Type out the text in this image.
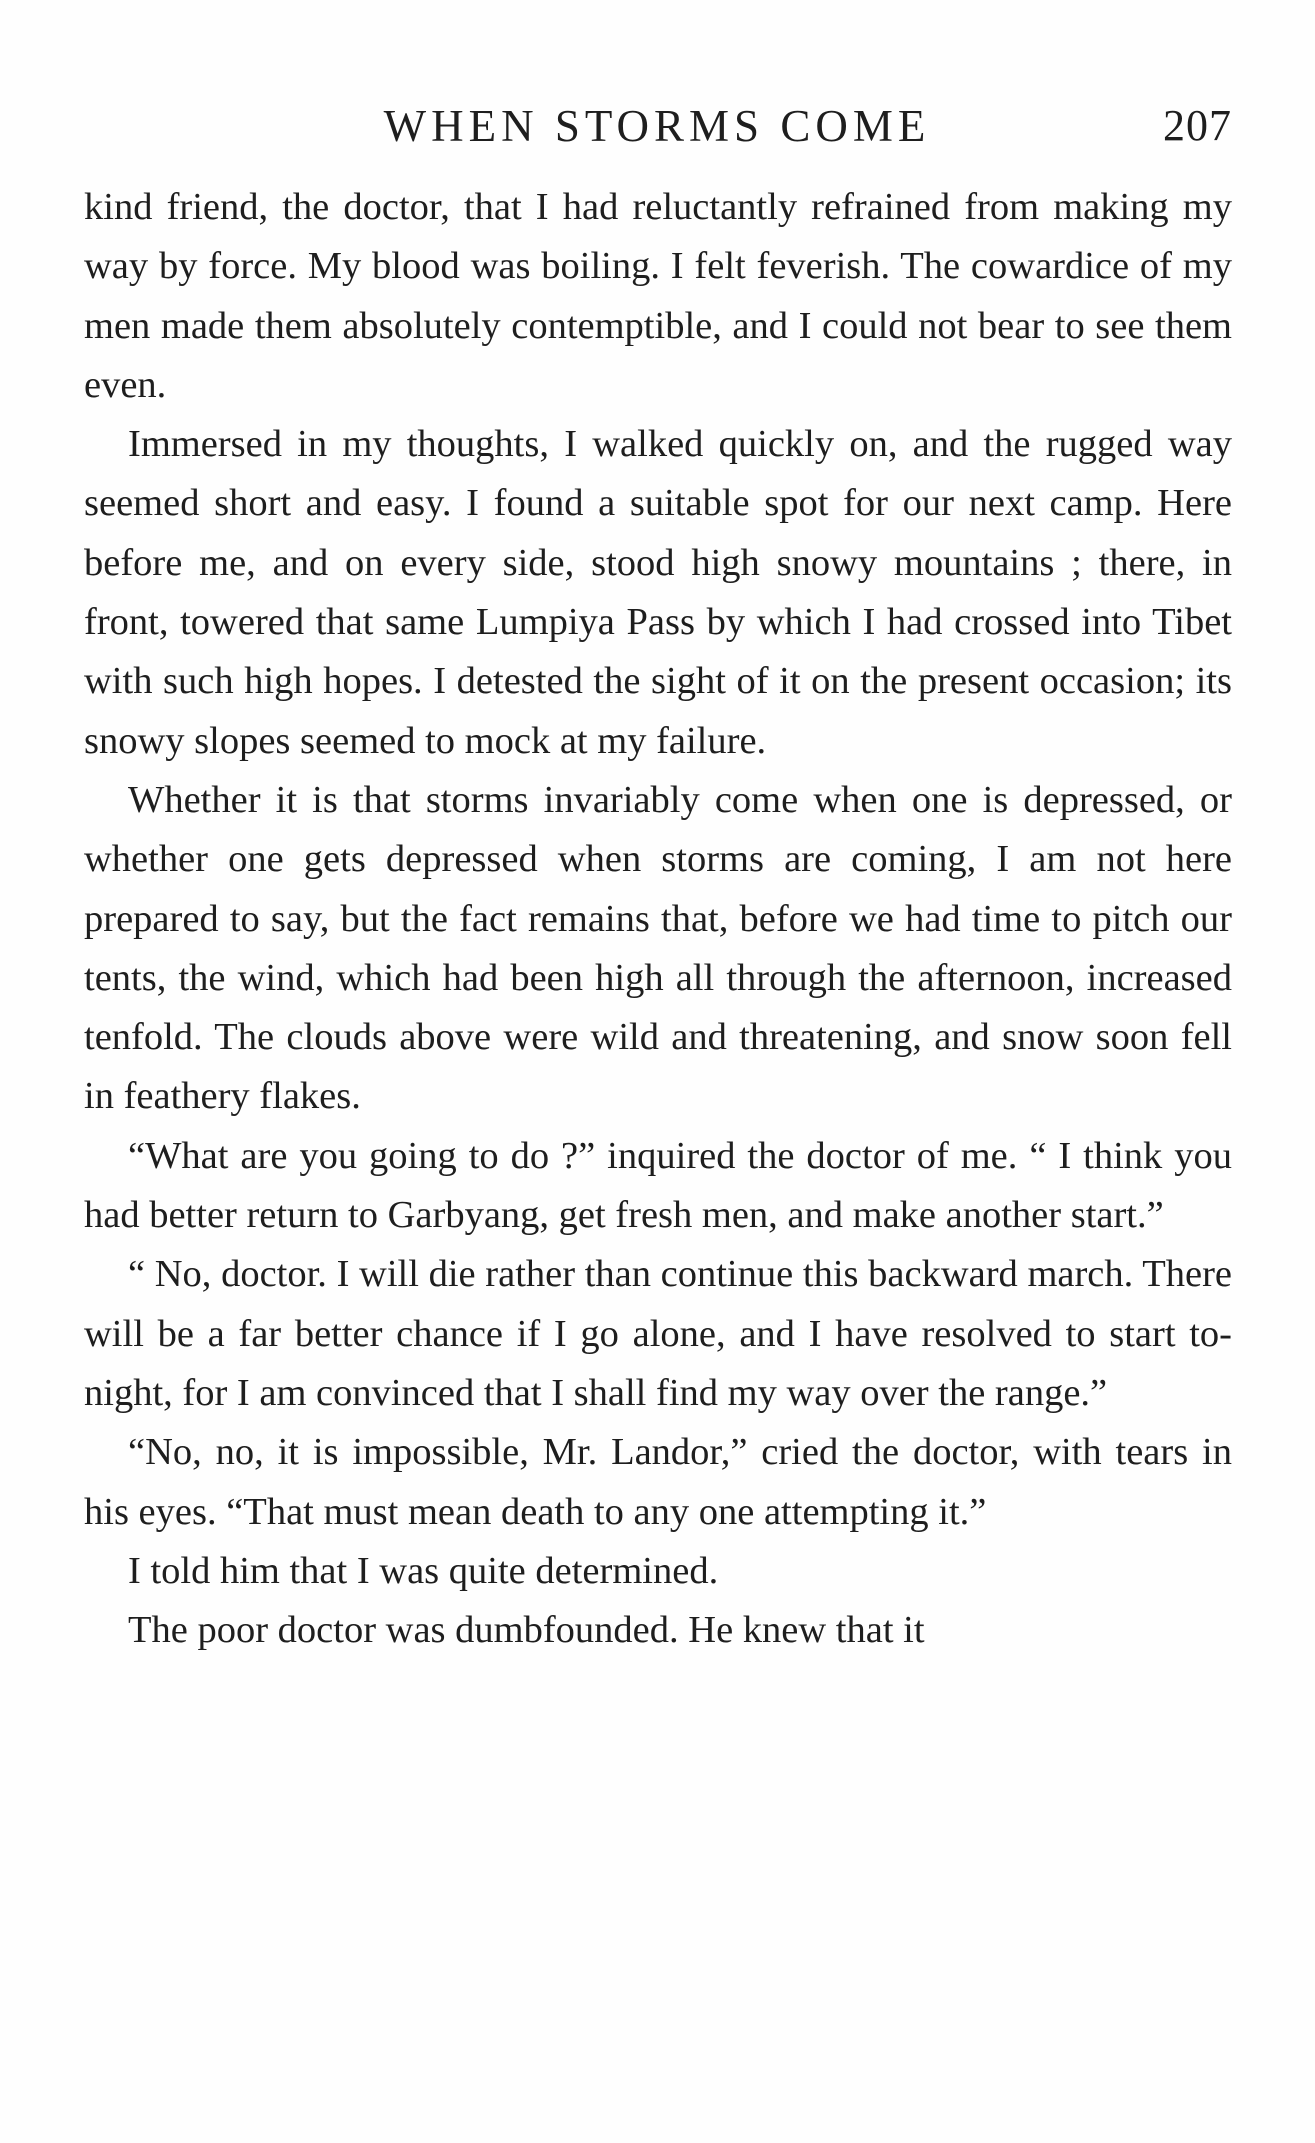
WHEN STORMS COME	207

kind friend, the doctor, that I had reluctantly refrained from making my way by force. My blood was boiling. I felt feverish. The cowardice of my men made them absolutely contemptible, and I could not bear to see them even.

Immersed in my thoughts, I walked quickly on, and the rugged way seemed short and easy. I found a suitable spot for our next camp. Here before me, and on every side, stood high snowy mountains ; there, in front, towered that same Lumpiya Pass by which I had crossed into Tibet with such high hopes. I detested the sight of it on the present occasion; its snowy slopes seemed to mock at my failure.

Whether it is that storms invariably come when one is depressed, or whether one gets depressed when storms are coming, I am not here prepared to say, but the fact remains that, before we had time to pitch our tents, the wind, which had been high all through the afternoon, increased tenfold. The clouds above were wild and threatening, and snow soon fell in feathery flakes.

“What are you going to do ?” inquired the doctor of me. “ I think you had better return to Garbyang, get fresh men, and make another start.”

“ No, doctor. I will die rather than continue this backward march. There will be a far better chance if I go alone, and I have resolved to start to-night, for I am convinced that I shall find my way over the range.”

“No, no, it is impossible, Mr. Landor,” cried the doctor, with tears in his eyes. “That must mean death to any one attempting it.”

I told him that I was quite determined.

The poor doctor was dumbfounded. He knew that it
